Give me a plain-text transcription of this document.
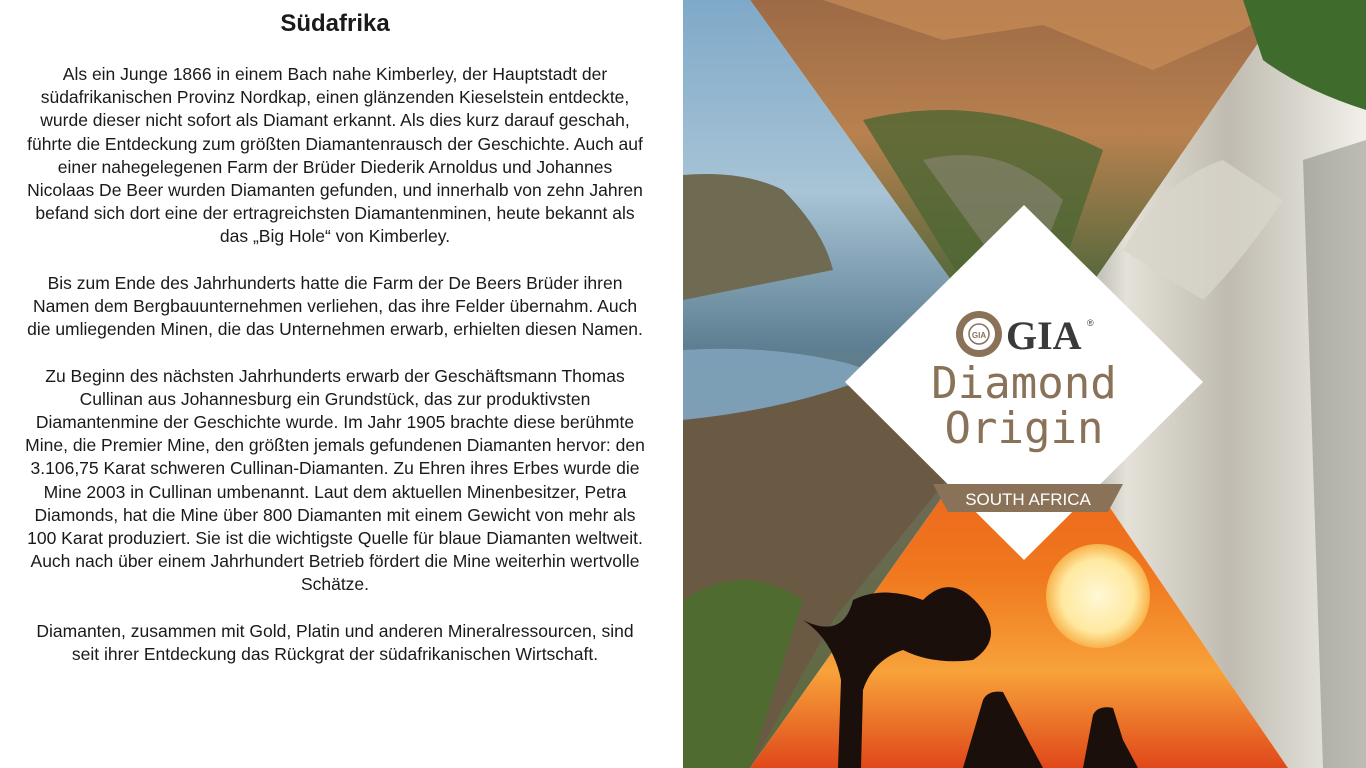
Südafrika

Als ein Junge 1866 in einem Bach nahe Kimberley, der Hauptstadt der südafrikanischen Provinz Nordkap, einen glänzenden Kieselstein entdeckte, wurde dieser nicht sofort als Diamant erkannt. Als dies kurz darauf geschah, führte die Entdeckung zum größten Diamantenrausch der Geschichte. Auch auf einer nahegelegenen Farm der Brüder Diederik Arnoldus und Johannes Nicolaas De Beer wurden Diamanten gefunden, und innerhalb von zehn Jahren befand sich dort eine der ertragreichsten Diamantenminen, heute bekannt als das „Big Hole“ von Kimberley.

Bis zum Ende des Jahrhunderts hatte die Farm der De Beers Brüder ihren Namen dem Bergbauunternehmen verliehen, das ihre Felder übernahm. Auch die umliegenden Minen, die das Unternehmen erwarb, erhielten diesen Namen.

Zu Beginn des nächsten Jahrhunderts erwarb der Geschäftsmann Thomas Cullinan aus Johannesburg ein Grundstück, das zur produktivsten Diamantenmine der Geschichte wurde. Im Jahr 1905 brachte diese berühmte Mine, die Premier Mine, den größten jemals gefundenen Diamanten hervor: den 3.106,75 Karat schweren Cullinan-Diamanten. Zu Ehren ihres Erbes wurde die Mine 2003 in Cullinan umbenannt. Laut dem aktuellen Minenbesitzer, Petra Diamonds, hat die Mine über 800 Diamanten mit einem Gewicht von mehr als 100 Karat produziert. Sie ist die wichtigste Quelle für blaue Diamanten weltweit. Auch nach über einem Jahrhundert Betrieb fördert die Mine weiterhin wertvolle Schätze.

Diamanten, zusammen mit Gold, Platin und anderen Mineralressourcen, sind seit ihrer Entdeckung das Rückgrat der südafrikanischen Wirtschaft.

GIA GIA ®
Diamond
Origin
SOUTH AFRICA
